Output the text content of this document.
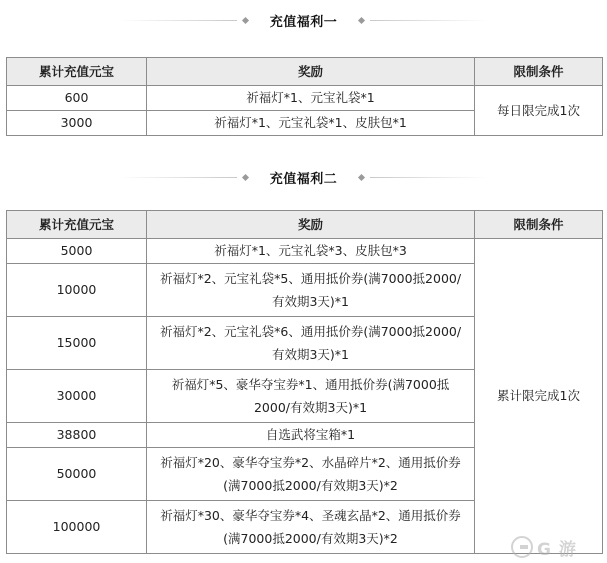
充值福利一
累计充值元宝	奖励	限制条件
600	祈福灯*1、元宝礼袋*1	每日限完成1次
3000	祈福灯*1、元宝礼袋*1、皮肤包*1	
充值福利二
累计充值元宝	奖励	限制条件
5000	祈福灯*1、元宝礼袋*3、皮肤包*3	累计限完成1次
10000	祈福灯*2、元宝礼袋*5、通用抵价券(满7000抵2000/有效期3天)*1	
15000	祈福灯*2、元宝礼袋*6、通用抵价券(满7000抵2000/有效期3天)*1	
30000	祈福灯*5、豪华夺宝券*1、通用抵价券(满7000抵2000/有效期3天)*1	
38800	自选武将宝箱*1	
50000	祈福灯*20、豪华夺宝券*2、水晶碎片*2、通用抵价券(满7000抵2000/有效期3天)*2	
100000	祈福灯*30、豪华夺宝券*4、圣魂玄晶*2、通用抵价券(满7000抵2000/有效期3天)*2	
G 游
